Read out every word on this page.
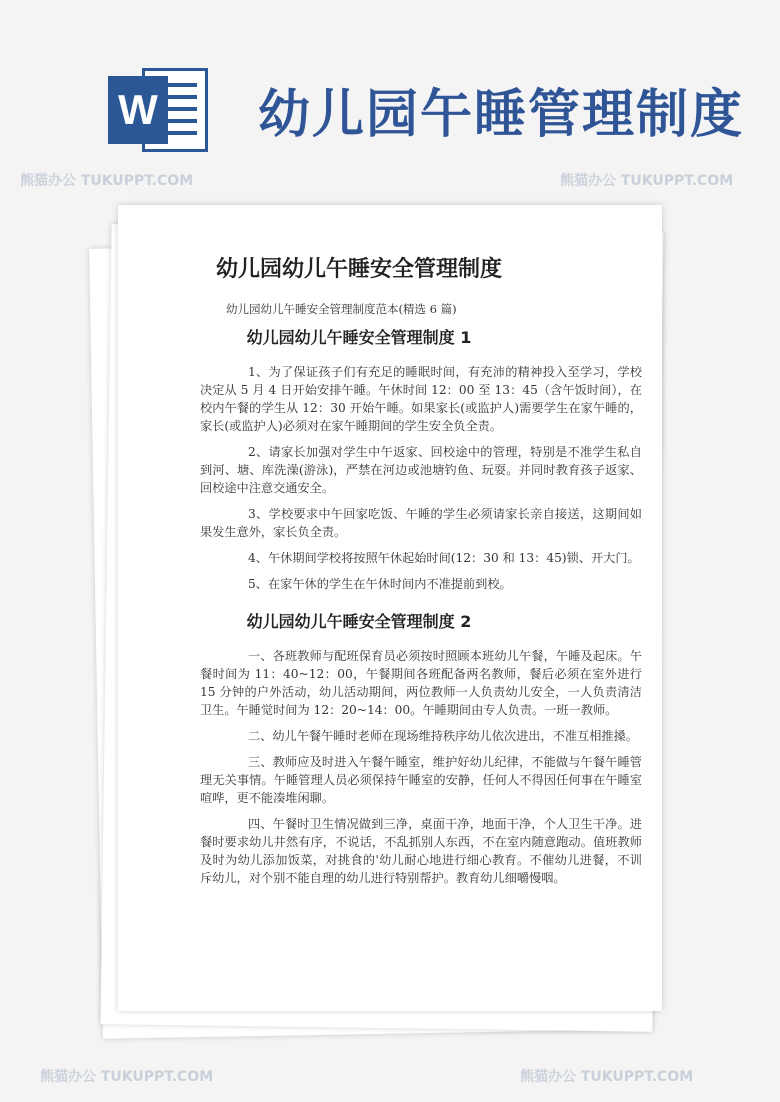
W 幼儿园午睡管理制度
幼儿园幼儿午睡安全管理制度
幼儿园幼儿午睡安全管理制度范本(精选 6 篇)
幼儿园幼儿午睡安全管理制度 1

1、为了保证孩子们有充足的睡眠时间，有充沛的精神投入至学习，学校决定从 5 月 4 日开始安排午睡。午休时间 12：00 至 13：45（含午饭时间），在校内午餐的学生从 12：30 开始午睡。如果家长(或监护人)需要学生在家午睡的，家长(或监护人)必须对在家午睡期间的学生安全负全责。

2、请家长加强对学生中午返家、回校途中的管理，特别是不准学生私自到河、塘、库洗澡(游泳)，严禁在河边或池塘钓鱼、玩耍。并同时教育孩子返家、回校途中注意交通安全。

3、学校要求中午回家吃饭、午睡的学生必须请家长亲自接送，这期间如果发生意外，家长负全责。

4、午休期间学校将按照午休起始时间(12：30 和 13：45)锁、开大门。

5、在家午休的学生在午休时间内不准提前到校。

幼儿园幼儿午睡安全管理制度 2

一、各班教师与配班保育员必须按时照顾本班幼儿午餐，午睡及起床。午餐时间为 11：40~12：00，午餐期间各班配备两名教师，餐后必须在室外进行 15 分钟的户外活动，幼儿活动期间，两位教师一人负责幼儿安全，一人负责清洁卫生。午睡觉时间为 12：20~14：00。午睡期间由专人负责。一班一教师。

二、幼儿午餐午睡时老师在现场维持秩序幼儿依次进出，不准互相推搡。

三、教师应及时进入午餐午睡室，维护好幼儿纪律，不能做与午餐午睡管理无关事情。午睡管理人员必须保持午睡室的安静，任何人不得因任何事在午睡室喧哗，更不能凑堆闲聊。

四、午餐时卫生情况做到三净，桌面干净，地面干净，个人卫生干净。进餐时要求幼儿井然有序，不说话，不乱抓别人东西，不在室内随意跑动。值班教师及时为幼儿添加饭菜，对挑食的'幼儿耐心地进行细心教育。不催幼儿进餐，不训斥幼儿，对个别不能自理的幼儿进行特别帮护。教育幼儿细嚼慢咽。

熊猫办公 TUKUPPT.COM	熊猫办公 TUKUPPT.COM
熊猫办公 TUKUPPT.COM	熊猫办公 TUKUPPT.COM
